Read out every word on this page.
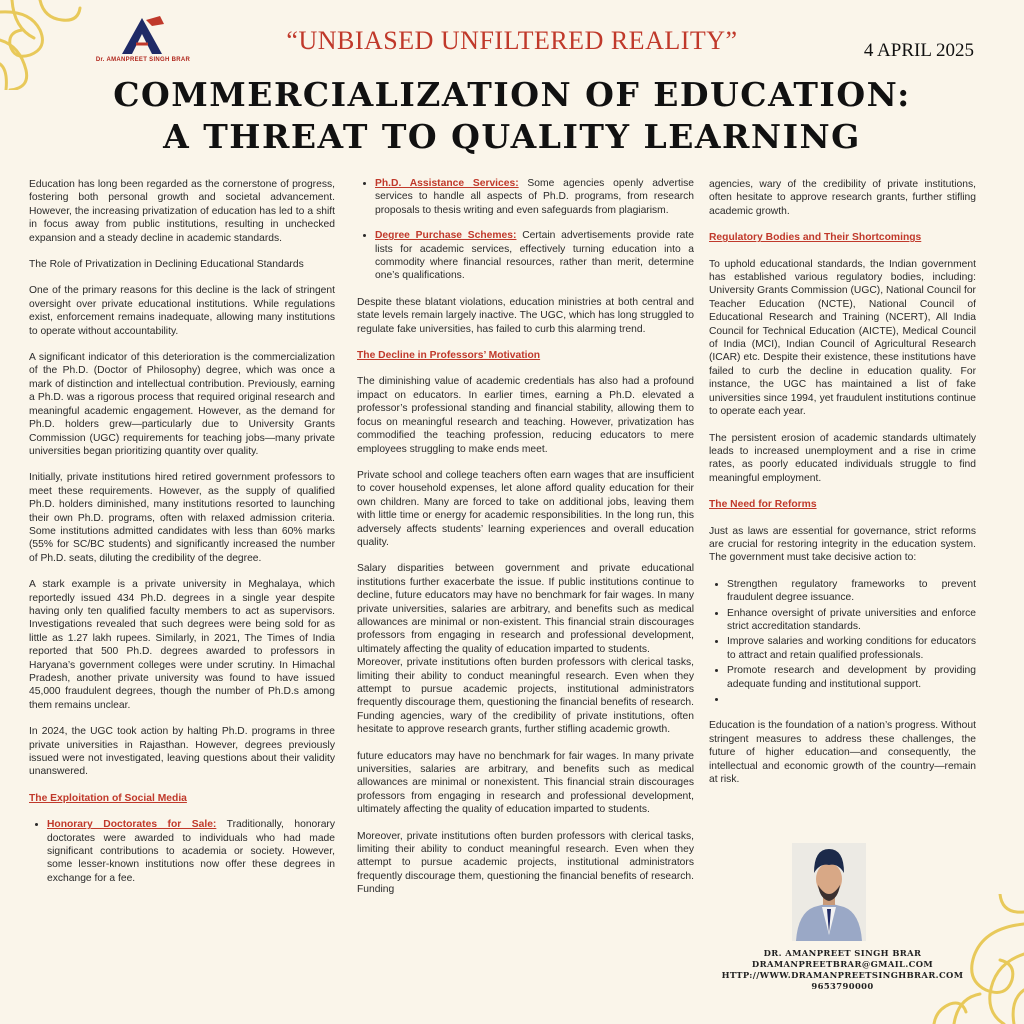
Dr. AMANPREET SINGH BRAR
“UNBIASED UNFILTERED REALITY”	4 APRIL 2025
COMMERCIALIZATION OF EDUCATION:
A THREAT TO QUALITY LEARNING

Education has long been regarded as the cornerstone of progress, fostering both personal growth and societal advancement. However, the increasing privatization of education has led to a shift in focus away from public institutions, resulting in unchecked expansion and a steady decline in academic standards.

The Role of Privatization in Declining Educational Standards

One of the primary reasons for this decline is the lack of stringent oversight over private educational institutions. While regulations exist, enforcement remains inadequate, allowing many institutions to operate without accountability.

A significant indicator of this deterioration is the commercialization of the Ph.D. (Doctor of Philosophy) degree, which was once a mark of distinction and intellectual contribution. Previously, earning a Ph.D. was a rigorous process that required original research and meaningful academic engagement. However, as the demand for Ph.D. holders grew—particularly due to University Grants Commission (UGC) requirements for teaching jobs—many private universities began prioritizing quantity over quality.

Initially, private institutions hired retired government professors to meet these requirements. However, as the supply of qualified Ph.D. holders diminished, many institutions resorted to launching their own Ph.D. programs, often with relaxed admission criteria. Some institutions admitted candidates with less than 60% marks (55% for SC/BC students) and significantly increased the number of Ph.D. seats, diluting the credibility of the degree.

A stark example is a private university in Meghalaya, which reportedly issued 434 Ph.D. degrees in a single year despite having only ten qualified faculty members to act as supervisors. Investigations revealed that such degrees were being sold for as little as 1.27 lakh rupees. Similarly, in 2021, The Times of India reported that 500 Ph.D. degrees awarded to professors in Haryana’s government colleges were under scrutiny. In Himachal Pradesh, another private university was found to have issued 45,000 fraudulent degrees, though the number of Ph.D.s among them remains unclear.

In 2024, the UGC took action by halting Ph.D. programs in three private universities in Rajasthan. However, degrees previously issued were not investigated, leaving questions about their validity unanswered.

The Exploitation of Social Media
• Honorary Doctorates for Sale: Traditionally, honorary doctorates were awarded to individuals who had made significant contributions to academia or society. However, some lesser-known institutions now offer these degrees in exchange for a fee.
• Ph.D. Assistance Services: Some agencies openly advertise services to handle all aspects of Ph.D. programs, from research proposals to thesis writing and even safeguards from plagiarism.
• Degree Purchase Schemes: Certain advertisements provide rate lists for academic services, effectively turning education into a commodity where financial resources, rather than merit, determine one’s qualifications.

Despite these blatant violations, education ministries at both central and state levels remain largely inactive. The UGC, which has long struggled to regulate fake universities, has failed to curb this alarming trend.

The Decline in Professors’ Motivation

The diminishing value of academic credentials has also had a profound impact on educators. In earlier times, earning a Ph.D. elevated a professor’s professional standing and financial stability, allowing them to focus on meaningful research and teaching. However, privatization has commodified the teaching profession, reducing educators to mere employees struggling to make ends meet.

Private school and college teachers often earn wages that are insufficient to cover household expenses, let alone afford quality education for their own children. Many are forced to take on additional jobs, leaving them with little time or energy for academic responsibilities. In the long run, this adversely affects students’ learning experiences and overall education quality.

Salary disparities between government and private educational institutions further exacerbate the issue. If public institutions continue to decline, future educators may have no benchmark for fair wages. In many private universities, salaries are arbitrary, and benefits such as medical allowances are minimal or non-existent. This financial strain discourages professors from engaging in research and professional development, ultimately affecting the quality of education imparted to students.

Moreover, private institutions often burden professors with clerical tasks, limiting their ability to conduct meaningful research. Even when they attempt to pursue academic projects, institutional administrators frequently discourage them, questioning the financial benefits of research. Funding agencies, wary of the credibility of private institutions, often hesitate to approve research grants, further stifling academic growth.

future educators may have no benchmark for fair wages. In many private universities, salaries are arbitrary, and benefits such as medical allowances are minimal or nonexistent. This financial strain discourages professors from engaging in research and professional development, ultimately affecting the quality of education imparted to students.

Moreover, private institutions often burden professors with clerical tasks, limiting their ability to conduct meaningful research. Even when they attempt to pursue academic projects, institutional administrators frequently discourage them, questioning the financial benefits of research. Funding

agencies, wary of the credibility of private institutions, often hesitate to approve research grants, further stifling academic growth.

Regulatory Bodies and Their Shortcomings

To uphold educational standards, the Indian government has established various regulatory bodies, including: University Grants Commission (UGC), National Council for Teacher Education (NCTE), National Council of Educational Research and Training (NCERT), All India Council for Technical Education (AICTE), Medical Council of India (MCI), Indian Council of Agricultural Research (ICAR) etc. Despite their existence, these institutions have failed to curb the decline in education quality. For instance, the UGC has maintained a list of fake universities since 1994, yet fraudulent institutions continue to operate each year.

The persistent erosion of academic standards ultimately leads to increased unemployment and a rise in crime rates, as poorly educated individuals struggle to find meaningful employment.

The Need for Reforms

Just as laws are essential for governance, strict reforms are crucial for restoring integrity in the education system. The government must take decisive action to:

• Strengthen regulatory frameworks to prevent fraudulent degree issuance.
• Enhance oversight of private universities and enforce strict accreditation standards.
• Improve salaries and working conditions for educators to attract and retain qualified professionals.
• Promote research and development by providing adequate funding and institutional support.
•

Education is the foundation of a nation’s progress. Without stringent measures to address these challenges, the future of higher education—and consequently, the intellectual and economic growth of the country—remain at risk.

DR. AMANPREET SINGH BRAR
DRAMANPREETBRAR@GMAIL.COM
HTTP://WWW.DRAMANPREETSINGHBRAR.COM
9653790000
